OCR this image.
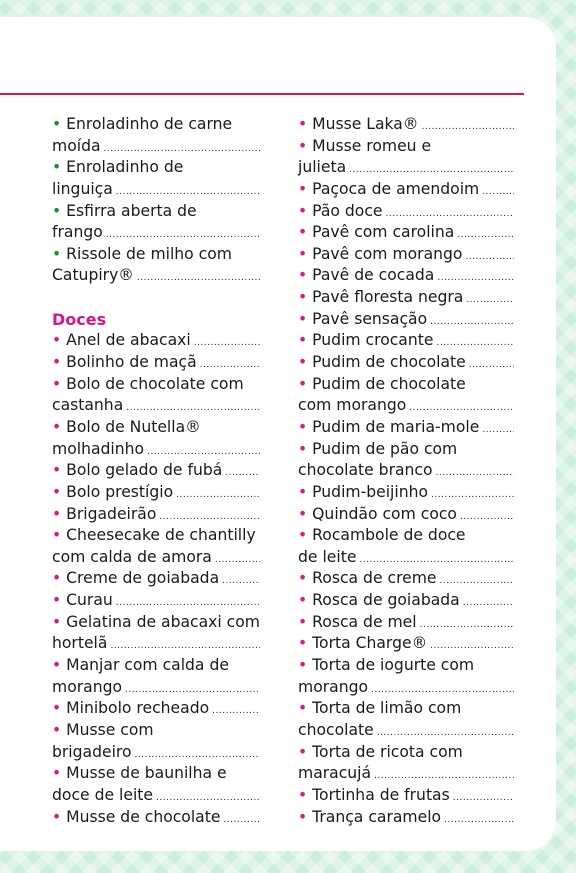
• Enroladinho de carne
moída
.....
• Enroladinho de
linguiça
.....
• Esfirra aberta de
frango
.....
• Rissole de milho com
Catupiry®
.....
Doces
• Anel de abacaxi
.....
• Bolinho de maçã
.....
• Bolo de chocolate com
castanha
.....
• Bolo de Nutella®
molhadinho
.....
• Bolo gelado de fubá
.....
• Bolo prestígio
.....
• Brigadeirão
.....
• Cheesecake de chantilly
com calda de amora
.....
• Creme de goiabada
.....
• Curau
.....
• Gelatina de abacaxi com
hortelã
.....
• Manjar com calda de
morango
.....
• Minibolo recheado
.....
• Musse com
brigadeiro
.....
• Musse de baunilha e
doce de leite
.....
• Musse de chocolate
.....
• Musse Laka®
.....
• Musse romeu e
julieta
.....
• Paçoca de amendoim
.....
• Pão doce
.....
• Pavê com carolina
.....
• Pavê com morango
.....
• Pavê de cocada
.....
• Pavê floresta negra
.....
• Pavê sensação
.....
• Pudim crocante
.....
• Pudim de chocolate
.....
• Pudim de chocolate
com morango
.....
• Pudim de maria-mole
.....
• Pudim de pão com
chocolate branco
.....
• Pudim-beijinho
.....
• Quindão com coco
.....
• Rocambole de doce
de leite
.....
• Rosca de creme
.....
• Rosca de goiabada
.....
• Rosca de mel
.....
• Torta Charge®
.....
• Torta de iogurte com
morango
.....
• Torta de limão com
chocolate
.....
• Torta de ricota com
maracujá
.....
• Tortinha de frutas
.....
• Trança caramelo
.....
